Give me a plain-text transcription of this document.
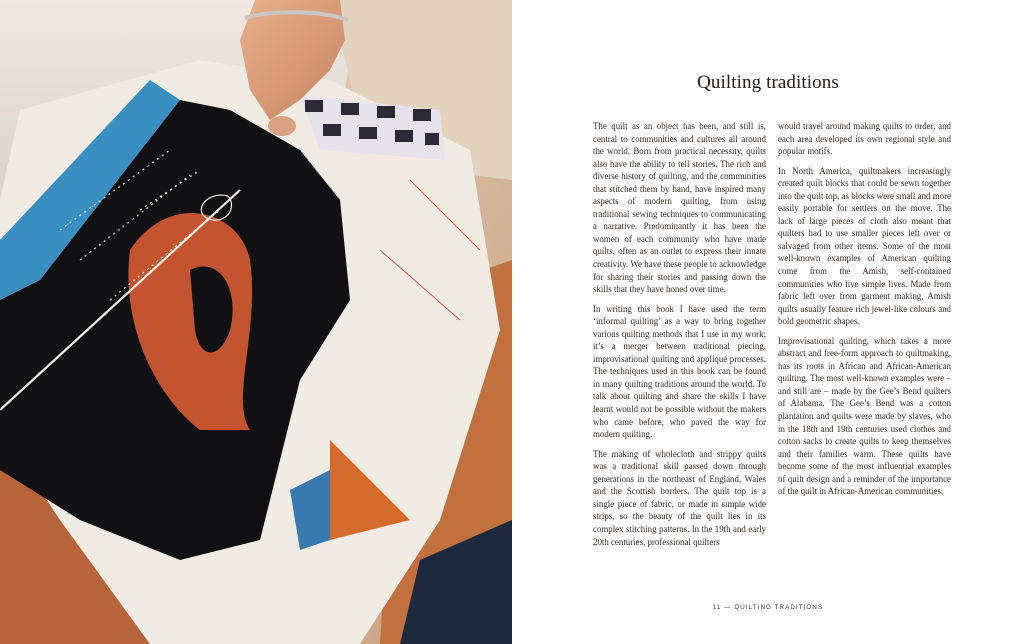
Quilting traditions

The quilt as an object has been, and still is, central to communities and cultures all around the world. Born from practical necessity, quilts also have the ability to tell stories. The rich and diverse history of quilting, and the communities that stitched them by hand, have inspired many aspects of modern quilting, from using traditional sewing techniques to communicating a narrative. Predominantly it has been the women of each community who have made quilts, often as an outlet to express their innate creativity. We have these people to acknowledge for sharing their stories and passing down the skills that they have honed over time.

In writing this book I have used the term ‘informal quilting’ as a way to bring together various quilting methods that I use in my work; it’s a merger between traditional piecing, improvisational quilting and appliqué processes. The techniques used in this book can be found in many quilting traditions around the world. To talk about quilting and share the skills I have learnt would not be possible without the makers who came before, who paved the way for modern quilting.

The making of wholecloth and strippy quilts was a traditional skill passed down through generations in the northeast of England, Wales and the Scottish borders. The quilt top is a single piece of fabric, or made in simple wide strips, so the beauty of the quilt lies in its complex stitching patterns. In the 19th and early 20th centuries, professional quilters

would travel around making quilts to order, and each area developed its own regional style and popular motifs.

In North America, quiltmakers increasingly created quilt blocks that could be sewn together into the quilt top, as blocks were small and more easily portable for settlers on the move. The lack of large pieces of cloth also meant that quilters had to use smaller pieces left over or salvaged from other items. Some of the most well-known examples of American quilting come from the Amish, self-contained communities who live simple lives. Made from fabric left over from garment making, Amish quilts usually feature rich jewel-like colours and bold geometric shapes.

Improvisational quilting, which takes a more abstract and free-form approach to quiltmaking, has its roots in African and African-American quilting. The most well-known examples were – and still are – made by the Gee’s Bend quilters of Alabama. The Gee’s Bend was a cotton plantation and quilts were made by slaves, who in the 18th and 19th centuries used clothes and cotton sacks to create quilts to keep themselves and their families warm. These quilts have become some of the most influential examples of quilt design and a reminder of the importance of the quilt in African-American communities.

11 — QUILTING TRADITIONS
